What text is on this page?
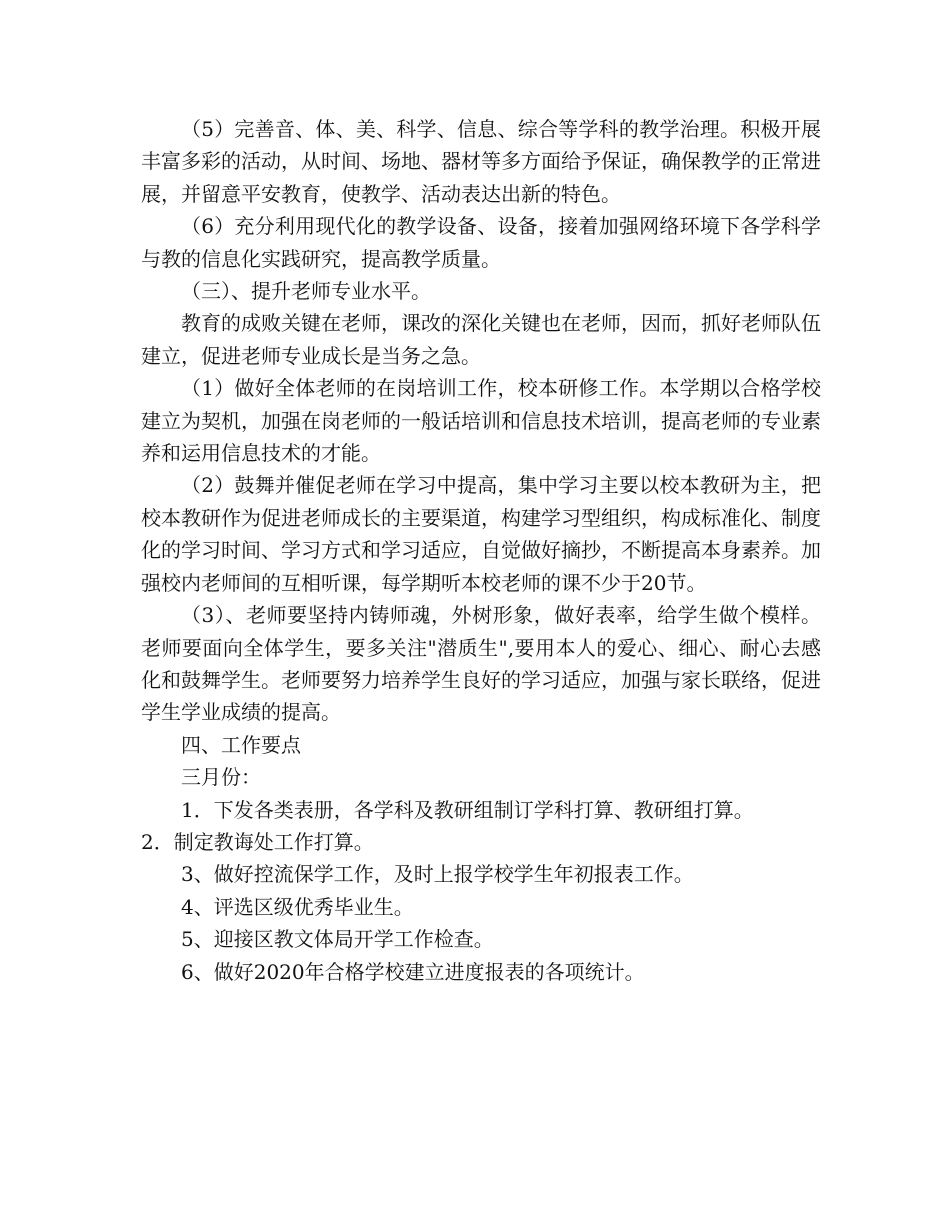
（5）完善音、体、美、科学、信息、综合等学科的教学治理。积极开展丰富多彩的活动，从时间、场地、器材等多方面给予保证，确保教学的正常进展，并留意平安教育，使教学、活动表达出新的特色。

（6）充分利用现代化的教学设备、设备，接着加强网络环境下各学科学与教的信息化实践研究，提高教学质量。

（三）、提升老师专业水平。

教育的成败关键在老师，课改的深化关键也在老师，因而，抓好老师队伍建立，促进老师专业成长是当务之急。

（1）做好全体老师的在岗培训工作，校本研修工作。本学期以合格学校建立为契机，加强在岗老师的一般话培训和信息技术培训，提高老师的专业素养和运用信息技术的才能。

（2）鼓舞并催促老师在学习中提高，集中学习主要以校本教研为主，把校本教研作为促进老师成长的主要渠道，构建学习型组织，构成标准化、制度化的学习时间、学习方式和学习适应，自觉做好摘抄，不断提高本身素养。加强校内老师间的互相听课，每学期听本校老师的课不少于20节。

（3）、老师要坚持内铸师魂，外树形象，做好表率，给学生做个模样。老师要面向全体学生，要多关注"潜质生",要用本人的爱心、细心、耐心去感化和鼓舞学生。老师要努力培养学生良好的学习适应，加强与家长联络，促进学生学业成绩的提高。

四、工作要点

三月份：

1．下发各类表册，各学科及教研组制订学科打算、教研组打算。

2．制定教诲处工作打算。

3、做好控流保学工作，及时上报学校学生年初报表工作。

4、评选区级优秀毕业生。

5、迎接区教文体局开学工作检查。

6、做好2020年合格学校建立进度报表的各项统计。
